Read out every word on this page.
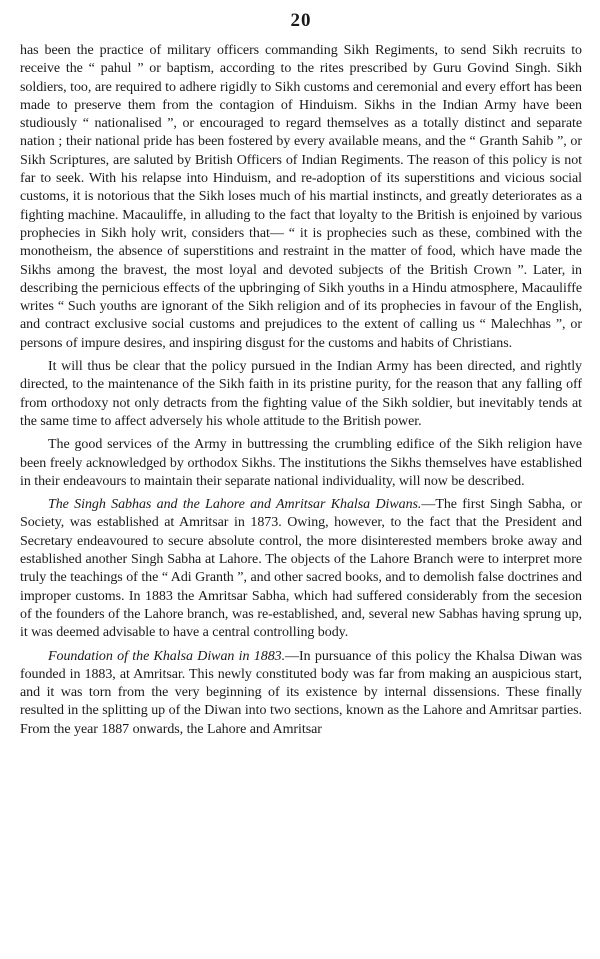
20

has been the practice of military officers commanding Sikh Regiments, to send Sikh recruits to receive the “ pahul ” or baptism, according to the rites prescribed by Guru Govind Singh. Sikh soldiers, too, are required to adhere rigidly to Sikh customs and ceremonial and every effort has been made to preserve them from the contagion of Hinduism. Sikhs in the Indian Army have been studiously “ nationalised ”, or encouraged to regard themselves as a totally distinct and separate nation ; their national pride has been fostered by every available means, and the “ Granth Sahib ”, or Sikh Scriptures, are saluted by British Officers of Indian Regiments. The reason of this policy is not far to seek. With his relapse into Hinduism, and re-adoption of its superstitions and vicious social customs, it is notorious that the Sikh loses much of his martial instincts, and greatly deteriorates as a fighting machine. Macauliffe, in alluding to the fact that loyalty to the British is enjoined by various prophecies in Sikh holy writ, considers that— “ it is prophecies such as these, combined with the monotheism, the absence of superstitions and restraint in the matter of food, which have made the Sikhs among the bravest, the most loyal and devoted subjects of the British Crown ”. Later, in describing the pernicious effects of the upbringing of Sikh youths in a Hindu atmosphere, Macauliffe writes “ Such youths are ignorant of the Sikh religion and of its prophecies in favour of the English, and contract exclusive social customs and prejudices to the extent of calling us “ Malechhas ”, or persons of impure desires, and inspiring disgust for the customs and habits of Christians.

It will thus be clear that the policy pursued in the Indian Army has been directed, and rightly directed, to the maintenance of the Sikh faith in its pristine purity, for the reason that any falling off from orthodoxy not only detracts from the fighting value of the Sikh soldier, but inevitably tends at the same time to affect adversely his whole attitude to the British power.

The good services of the Army in buttressing the crumbling edifice of the Sikh religion have been freely acknowledged by orthodox Sikhs. The institutions the Sikhs themselves have established in their endeavours to maintain their separate national individuality, will now be described.

The Singh Sabhas and the Lahore and Amritsar Khalsa Diwans.—The first Singh Sabha, or Society, was established at Amritsar in 1873. Owing, however, to the fact that the President and Secretary endeavoured to secure absolute control, the more disinterested members broke away and established another Singh Sabha at Lahore. The objects of the Lahore Branch were to interpret more truly the teachings of the “ Adi Granth ”, and other sacred books, and to demolish false doctrines and improper customs. In 1883 the Amritsar Sabha, which had suffered considerably from the secesion of the founders of the Lahore branch, was re-established, and, several new Sabhas having sprung up, it was deemed advisable to have a central controlling body.

Foundation of the Khalsa Diwan in 1883.—In pursuance of this policy the Khalsa Diwan was founded in 1883, at Amritsar. This newly constituted body was far from making an auspicious start, and it was torn from the very beginning of its existence by internal dissensions. These finally resulted in the splitting up of the Diwan into two sections, known as the Lahore and Amritsar parties. From the year 1887 onwards, the Lahore and Amritsar
